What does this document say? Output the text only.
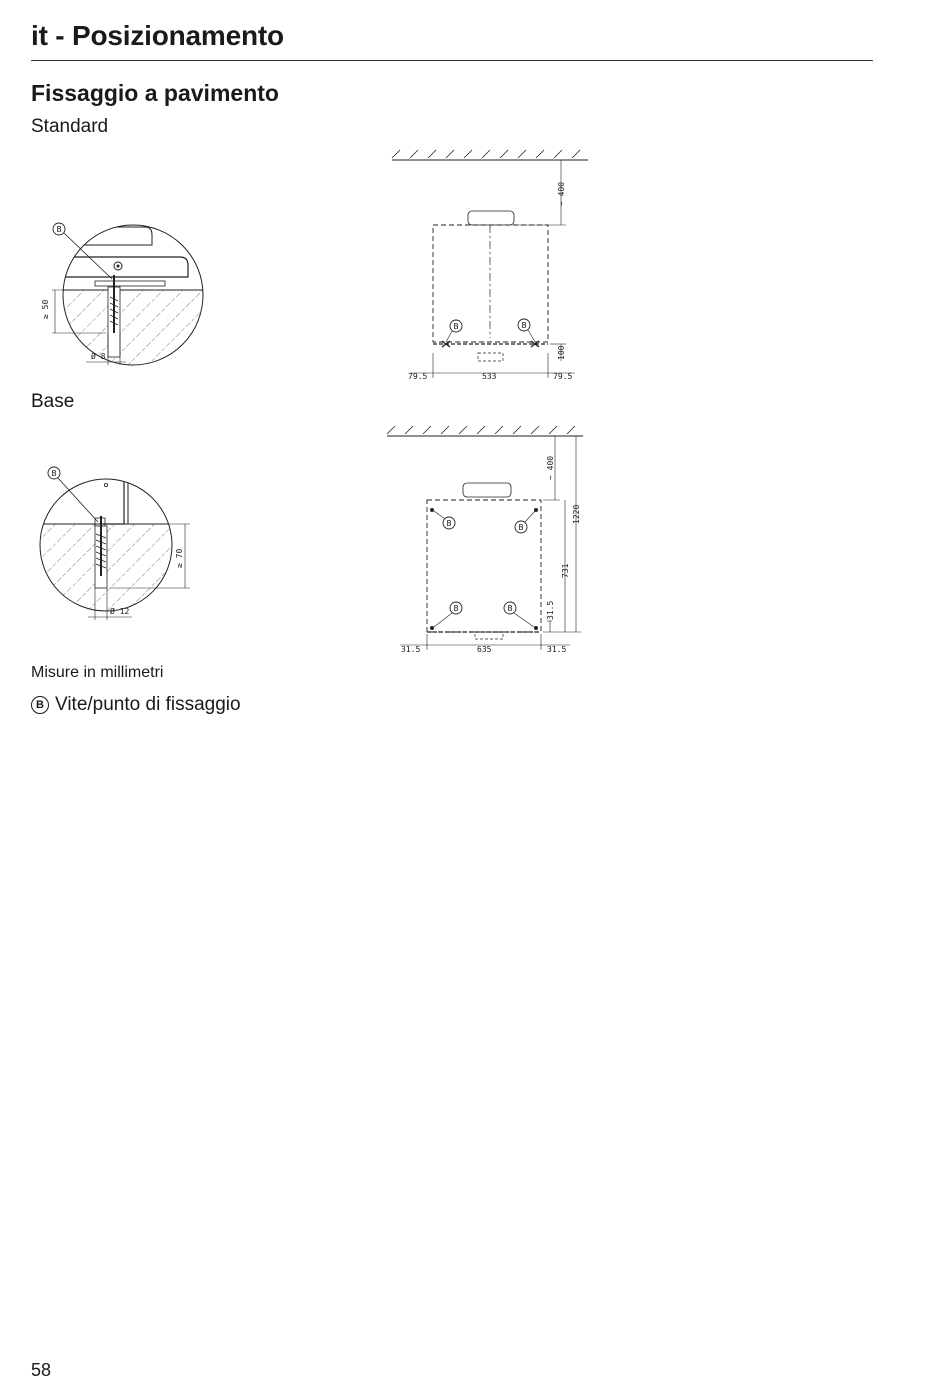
it - Posizionamento
Fissaggio a pavimento
Standard
B
≥ 50
Ø 8
~ 400
B	B
100
79.5	533	79.5
Base
B
≥ 70
Ø 12
~ 400
1220
B	B
B	B
731
31.5
31.5	635	31.5
Misure in millimetri
B Vite/punto di fissaggio
58
